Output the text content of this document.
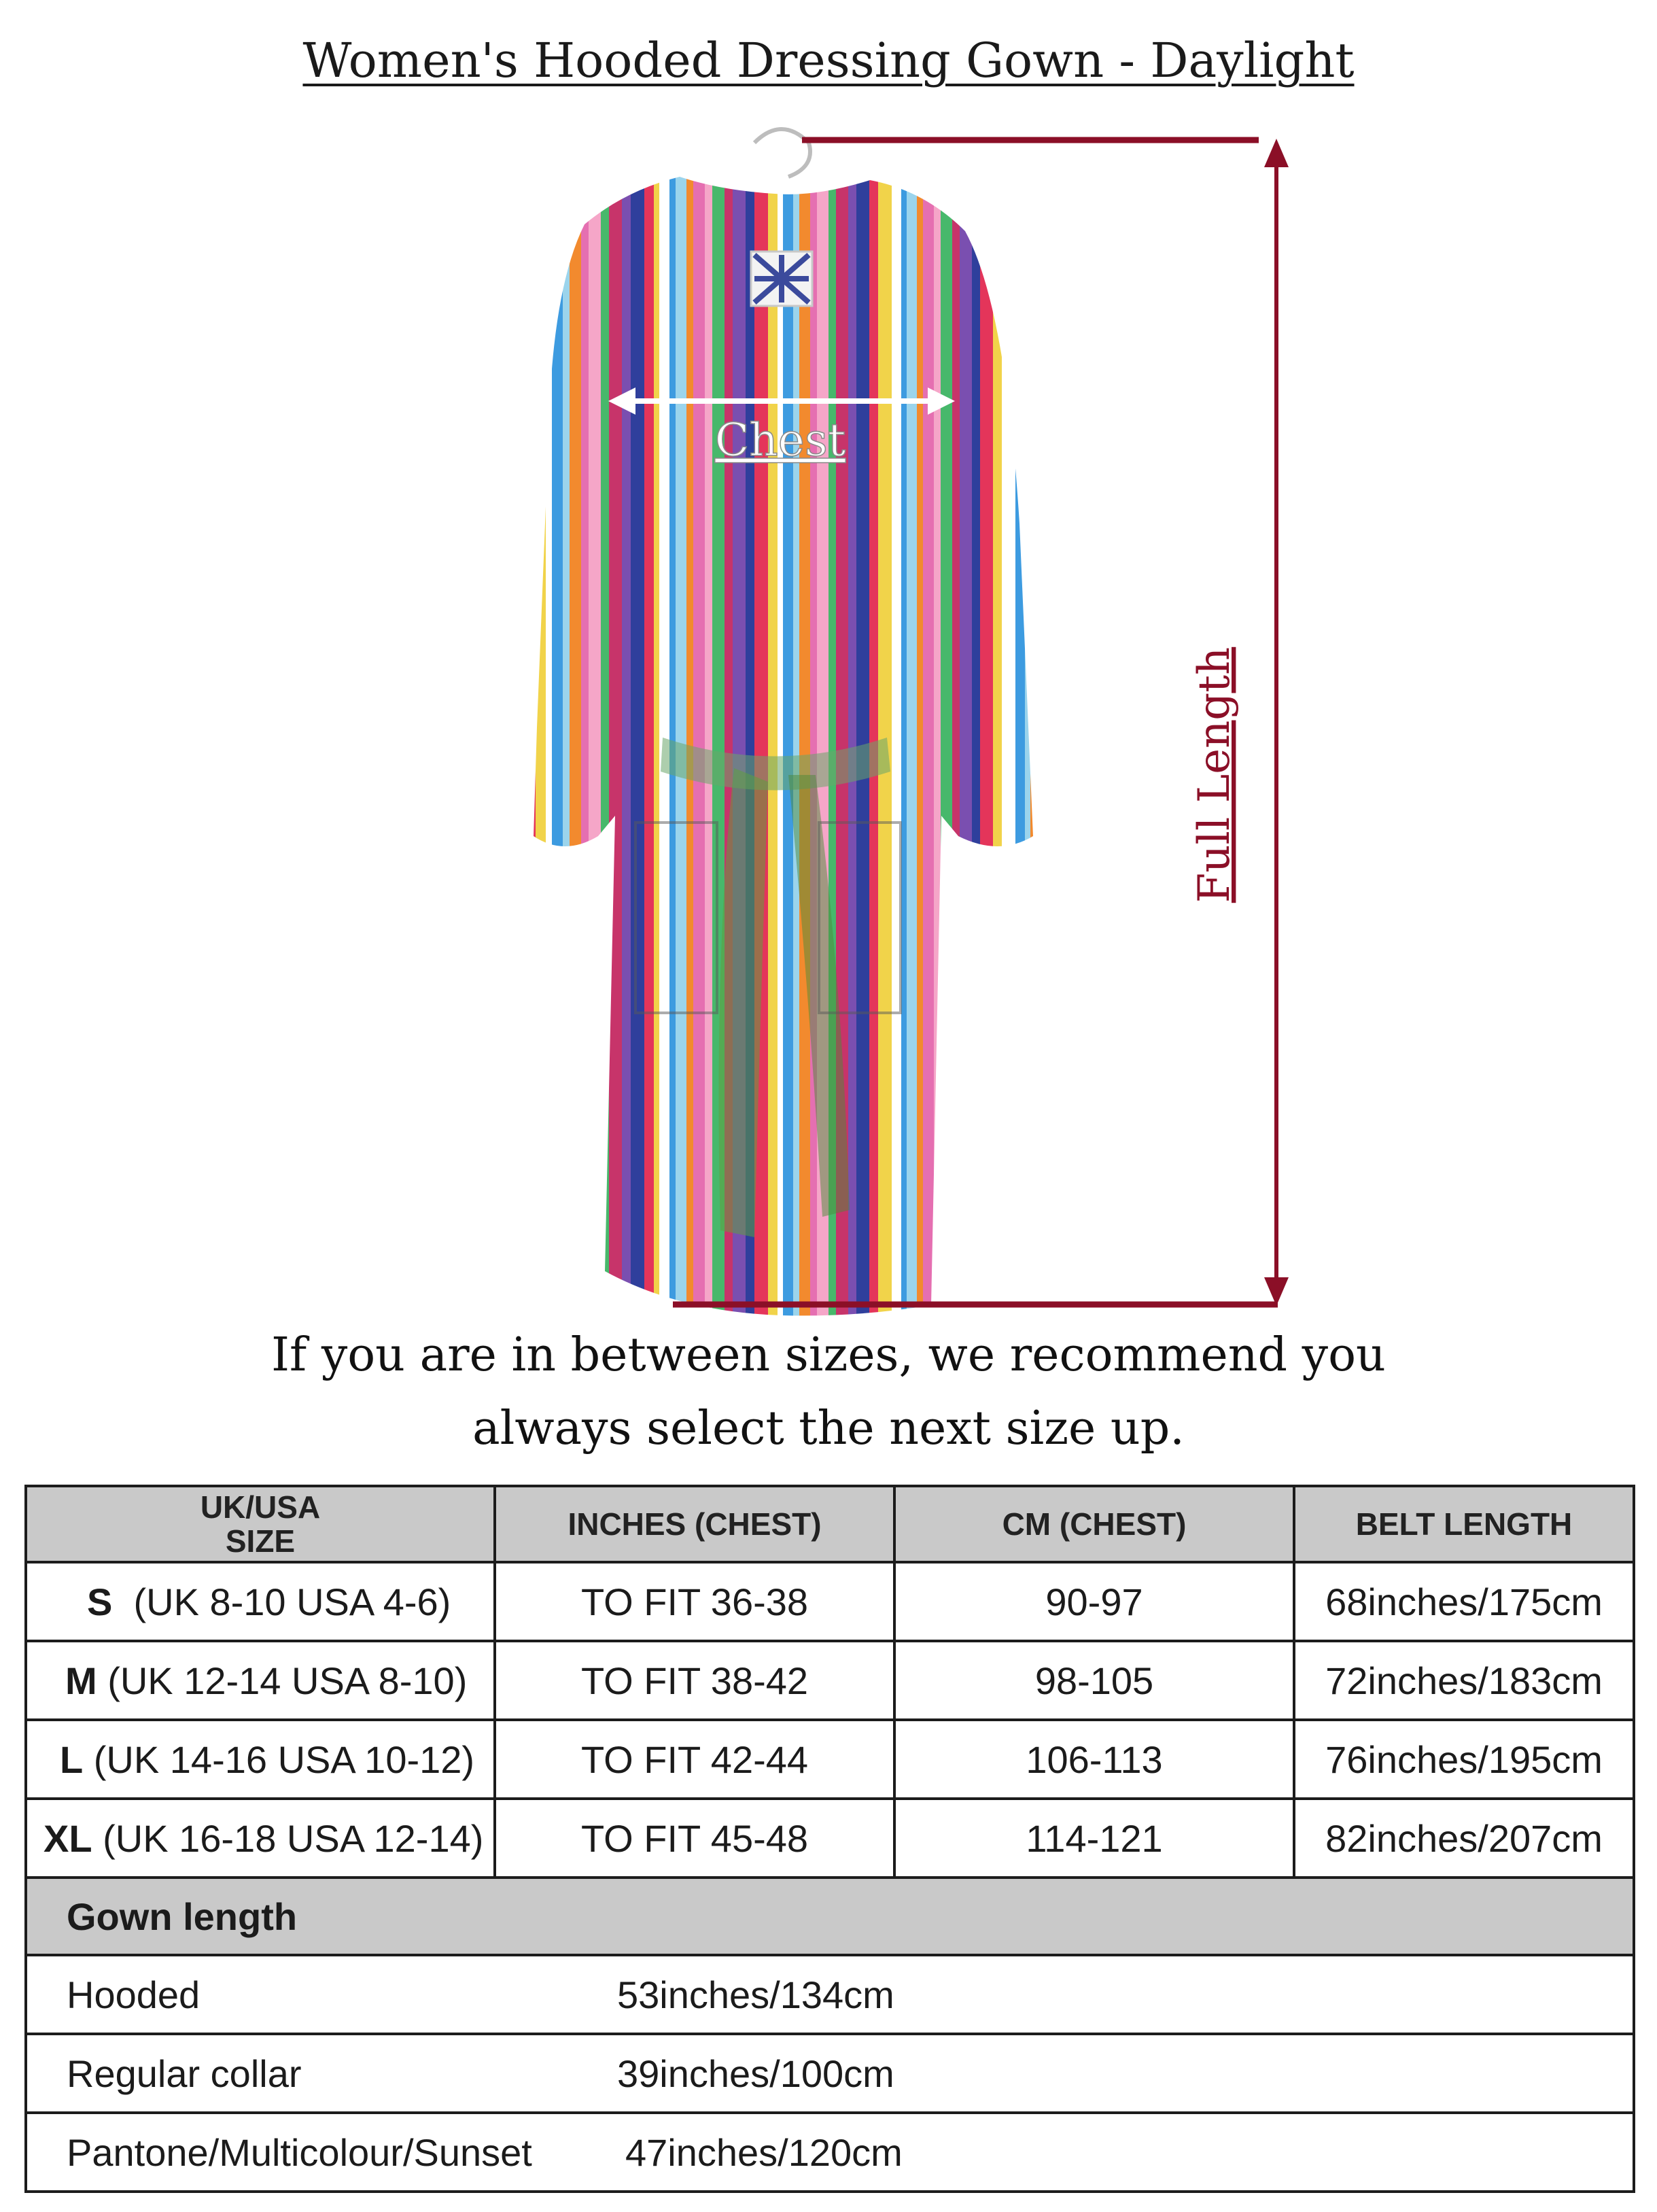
Women's Hooded Dressing Gown - Daylight
Chest
Full Length
If you are in between sizes, we recommend you
always select the next size up.
UK/USA
SIZE	INCHES (CHEST)	CM (CHEST)	BELT LENGTH
S  (UK 8-10 USA 4-6)	TO FIT 36-38	90-97	68inches/175cm
M (UK 12-14 USA 8-10)	TO FIT 38-42	98-105	72inches/183cm
L (UK 14-16 USA 10-12)	TO FIT 42-44	106-113	76inches/195cm
XL (UK 16-18 USA 12-14)	TO FIT 45-48	114-121	82inches/207cm
Gown length			
Hooded 53inches/134cm			
Regular collar 39inches/100cm			
Pantone/Multicolour/Sunset 47inches/120cm			
